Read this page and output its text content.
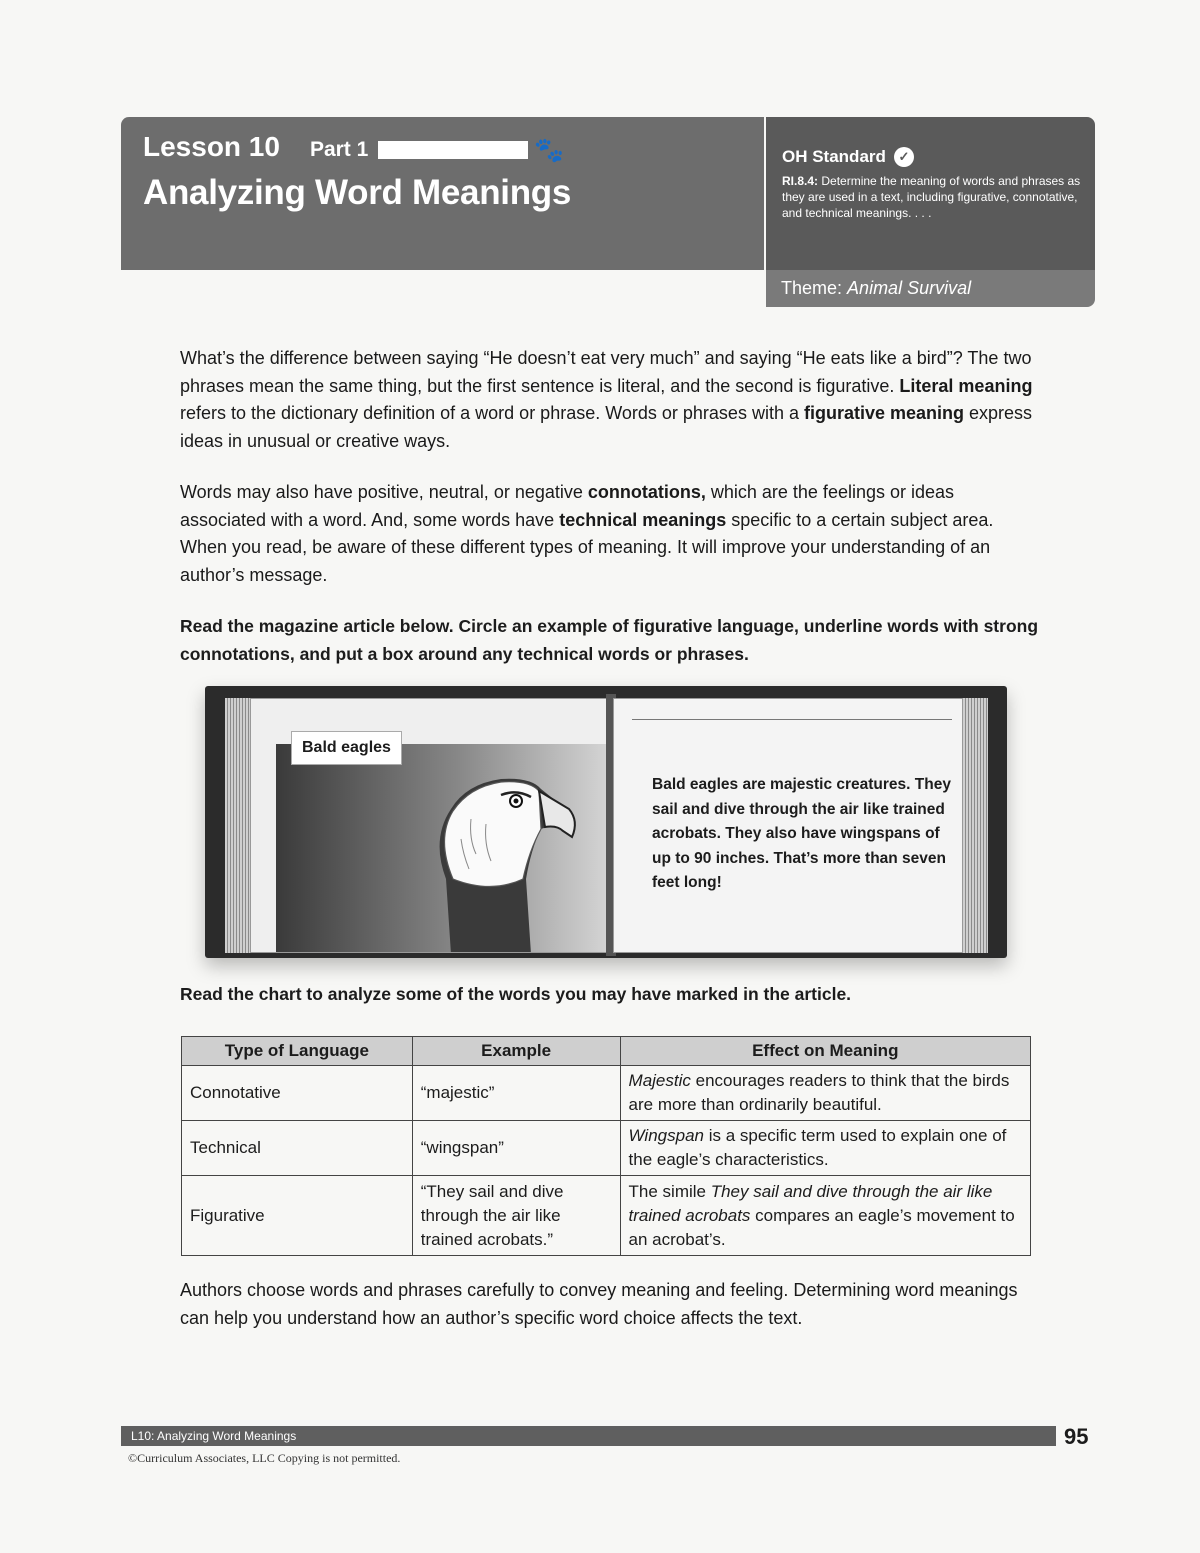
Lesson 10 Part 1	🐾
Analyzing Word Meanings
OH Standard ✓
RI.8.4: Determine the meaning of words and phrases as they are used in a text, including figurative, connotative, and technical meanings. . . .
Theme: Animal Survival

What’s the difference between saying “He doesn’t eat very much” and saying “He eats like a bird”? The two phrases mean the same thing, but the first sentence is literal, and the second is figurative. Literal meaning refers to the dictionary definition of a word or phrase. Words or phrases with a figurative meaning express ideas in unusual or creative ways.

Words may also have positive, neutral, or negative connotations, which are the feelings or ideas associated with a word. And, some words have technical meanings specific to a certain subject area. When you read, be aware of these different types of meaning. It will improve your understanding of an author’s message.

Read the magazine article below. Circle an example of figurative language, underline words with strong connotations, and put a box around any technical words or phrases.

Bald eagles
Bald eagles are majestic creatures. They sail and dive through the air like trained acrobats. They also have wingspans of up to 90 inches. That’s more than seven feet long!
Read the chart to analyze some of the words you may have marked in the article.
Type of Language	Example	Effect on Meaning
Connotative	“majestic”	Majestic encourages readers to think that the birds are more than ordinarily beautiful.
Technical	“wingspan”	Wingspan is a specific term used to explain one of the eagle’s characteristics.
Figurative	“They sail and dive through the air like trained acrobats.”	The simile They sail and dive through the air like trained acrobats compares an eagle’s movement to an acrobat’s.

Authors choose words and phrases carefully to convey meaning and feeling. Determining word meanings can help you understand how an author’s specific word choice affects the text.

L10: Analyzing Word Meanings	95
©Curriculum Associates, LLC Copying is not permitted.
